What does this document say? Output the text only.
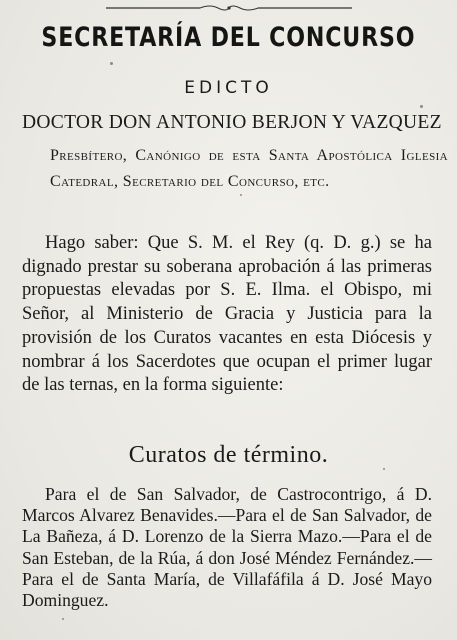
SECRETARÍA DEL CONCURSO
EDICTO
DOCTOR DON ANTONIO BERJON Y VAZQUEZ
Presbítero, Canónigo de esta Santa Apostólica Iglesia Catedral, Secretario del Concurso, etc.
Hago saber: Que S. M. el Rey (q. D. g.) se ha dignado prestar su soberana aprobación á las primeras propuestas elevadas por S. E. Ilma. el Obispo, mi Señor, al Ministerio de Gracia y Justicia para la provisión de los Curatos vacantes en esta Diócesis y nombrar á los Sacerdotes que ocupan el primer lugar de las ternas, en la forma siguiente:
Curatos de término.
Para el de San Salvador, de Castrocontrigo, á D. Marcos Alvarez Benavides.—Para el de San Salvador, de La Bañeza, á D. Lorenzo de la Sierra Mazo.—Para el de San Esteban, de la Rúa, á don José Méndez Fernández.—Para el de Santa María, de Villafáfila á D. José Mayo Dominguez.
